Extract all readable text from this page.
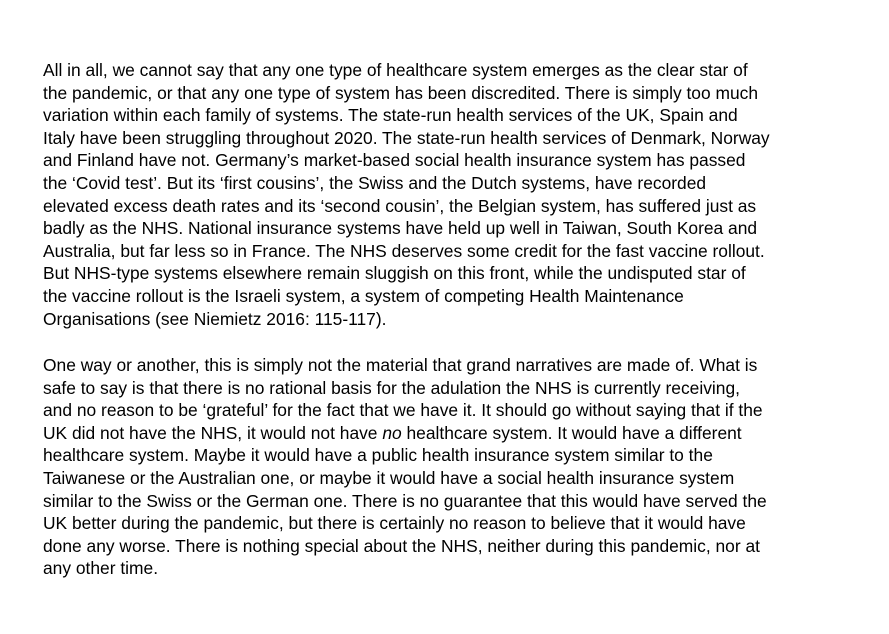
All in all, we cannot say that any one type of healthcare system emerges as the clear star of
the pandemic, or that any one type of system has been discredited. There is simply too much
variation within each family of systems. The state-run health services of the UK, Spain and
Italy have been struggling throughout 2020. The state-run health services of Denmark, Norway
and Finland have not. Germany’s market-based social health insurance system has passed
the ‘Covid test’. But its ‘first cousins’, the Swiss and the Dutch systems, have recorded
elevated excess death rates and its ‘second cousin’, the Belgian system, has suffered just as
badly as the NHS. National insurance systems have held up well in Taiwan, South Korea and
Australia, but far less so in France. The NHS deserves some credit for the fast vaccine rollout.
But NHS-type systems elsewhere remain sluggish on this front, while the undisputed star of
the vaccine rollout is the Israeli system, a system of competing Health Maintenance
Organisations (see Niemietz 2016: 115-117).

One way or another, this is simply not the material that grand narratives are made of. What is
safe to say is that there is no rational basis for the adulation the NHS is currently receiving,
and no reason to be ‘grateful’ for the fact that we have it. It should go without saying that if the
UK did not have the NHS, it would not have no healthcare system. It would have a different
healthcare system. Maybe it would have a public health insurance system similar to the
Taiwanese or the Australian one, or maybe it would have a social health insurance system
similar to the Swiss or the German one. There is no guarantee that this would have served the
UK better during the pandemic, but there is certainly no reason to believe that it would have
done any worse. There is nothing special about the NHS, neither during this pandemic, nor at
any other time.
